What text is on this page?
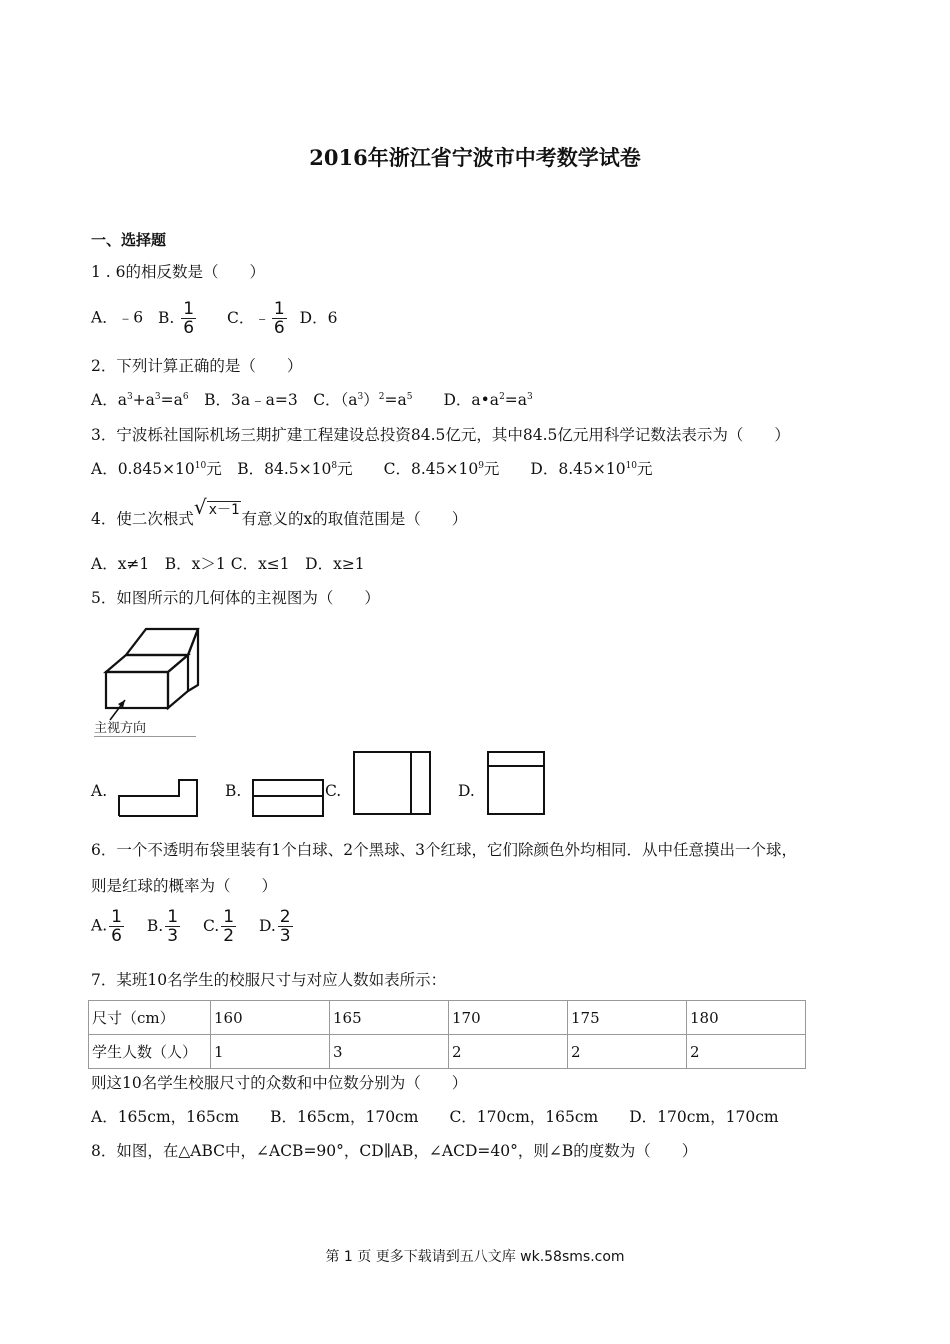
2016年浙江省宁波市中考数学试卷
一、选择题
1 . 6的相反数是（　　）
A．﹣6 B. $\frac{1}{6}$ C．﹣ $\frac{1}{6}$ D．6
2．下列计算正确的是（　　）
A．$a^3+a^3=a^6$　B．3a﹣a=3　C．$(a^3)^2=a^5$　　D．$a•a^2=a^3$
3．宁波栎社国际机场三期扩建工程建设总投资84.5亿元，其中84.5亿元用科学记数法表示为（　　）
A．$0.845\times 10^{10}$元　B．$84.5\times 10^8$元　　C．$8.45\times 10^9$元　　D．$8.45\times 10^{10}$元
4．使二次根式√ x－1 有意义的x的取值范围是（　　）
A．x≠1　B．x＞1 C．x≤1　D．x≥1
5．如图所示的几何体的主视图为（　　）
主视方向
A.	B.	C.	D.
6．一个不透明布袋里装有1个白球、2个黑球、3个红球，它们除颜色外均相同．从中任意摸出一个球，
则是红球的概率为（　　）
A. $\frac{1}{6} B$. $\frac{1}{3} C$. $\frac{1}{2} D$. $\frac{2}{3}$
7．某班10名学生的校服尺寸与对应人数如表所示：
尺寸（cm）	160	165	170	175	180
学生人数（人）	1	3	2	2	2
则这10名学生校服尺寸的众数和中位数分别为（　　）
A．165cm，165cm　　B．165cm，170cm　　C．170cm，165cm　　D．170cm，170cm
8．如图，在△ABC中，∠ACB=90°，CD∥AB，∠ACD=40°，则∠B的度数为（　　）
第 1 页 更多下载请到五八文库 wk.58sms.com
